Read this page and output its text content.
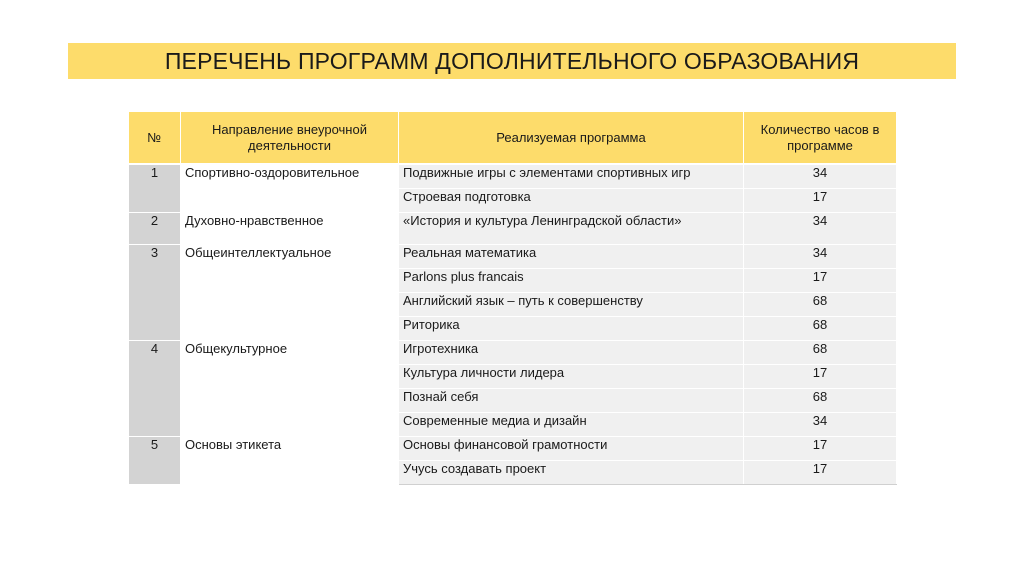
ПЕРЕЧЕНЬ ПРОГРАММ ДОПОЛНИТЕЛЬНОГО ОБРАЗОВАНИЯ
№	Направление внеурочной деятельности	Реализуемая программа	Количество часов в программе
1	Спортивно-оздоровительное	Подвижные игры с элементами спортивных игр	34
		Строевая подготовка	17
2	Духовно-нравственное	«История и культура Ленинградской области»	34
3	Общеинтеллектуальное	Реальная математика	34
		Parlons plus francais	17
		Английский язык – путь к совершенству	68
		Риторика	68
4	Общекультурное	Игротехника	68
		Культура личности лидера	17
		Познай себя	68
		Современные медиа и дизайн	34
5	Основы этикета	Основы финансовой грамотности	17
		Учусь создавать проект	17
